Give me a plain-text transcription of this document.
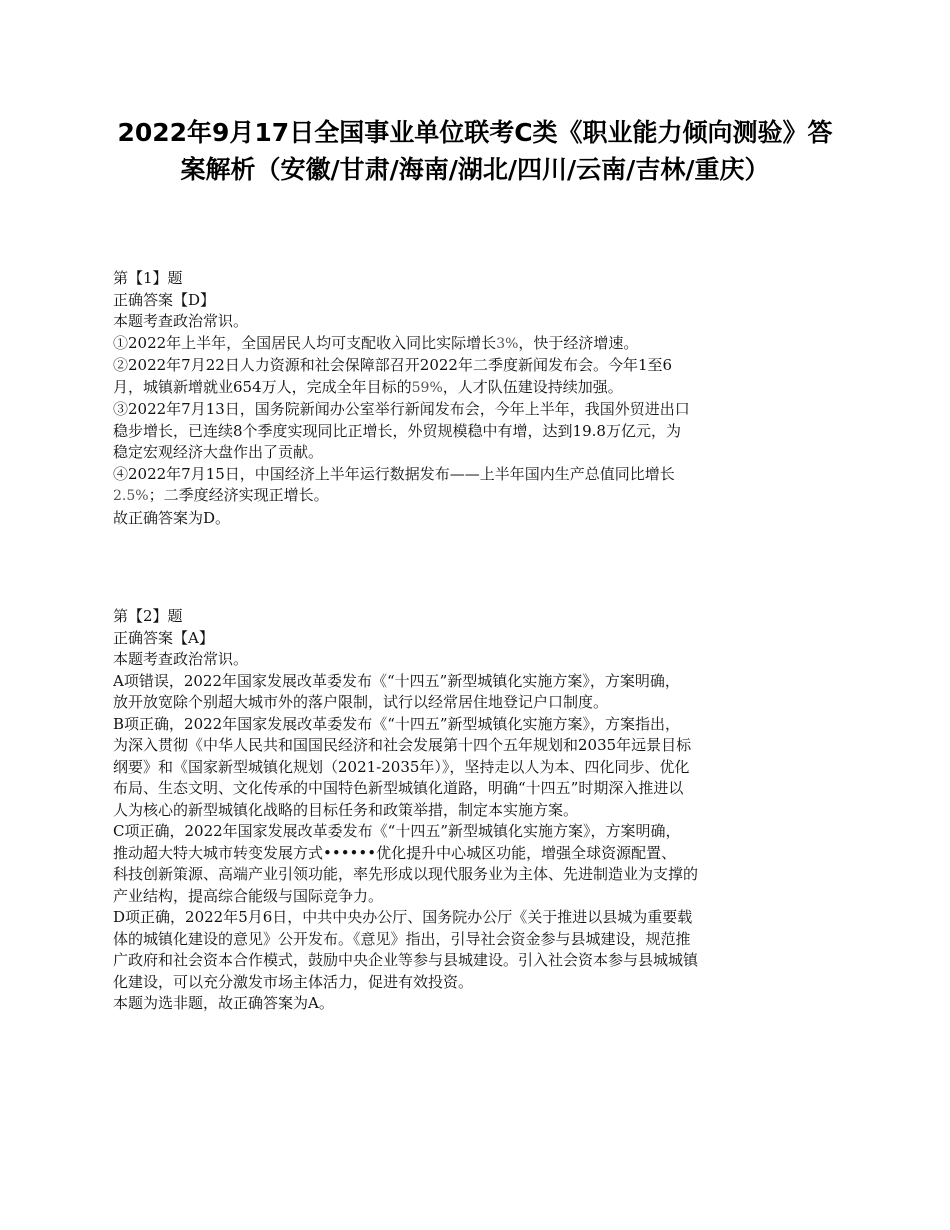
2022年9月17日全国事业单位联考C类《职业能力倾向测验》答案解析（安徽/甘肃/海南/湖北/四川/云南/吉林/重庆）
第【1】题
正确答案【D】
本题考查政治常识。
①2022年上半年，全国居民人均可支配收入同比实际增长3%，快于经济增速。
②2022年7月22日人力资源和社会保障部召开2022年二季度新闻发布会。今年1至6
月，城镇新增就业654万人，完成全年目标的59%，人才队伍建设持续加强。
③2022年7月13日，国务院新闻办公室举行新闻发布会，今年上半年，我国外贸进出口
稳步增长，已连续8个季度实现同比正增长，外贸规模稳中有增，达到19.8万亿元，为
稳定宏观经济大盘作出了贡献。
④2022年7月15日，中国经济上半年运行数据发布——上半年国内生产总值同比增长
2.5%；二季度经济实现正增长。
故正确答案为D。
第【2】题
正确答案【A】
本题考查政治常识。
A项错误，2022年国家发展改革委发布《“十四五”新型城镇化实施方案》，方案明确，
放开放宽除个别超大城市外的落户限制，试行以经常居住地登记户口制度。
B项正确，2022年国家发展改革委发布《“十四五”新型城镇化实施方案》，方案指出，
为深入贯彻《中华人民共和国国民经济和社会发展第十四个五年规划和2035年远景目标
纲要》和《国家新型城镇化规划（2021-2035年）》，坚持走以人为本、四化同步、优化
布局、生态文明、文化传承的中国特色新型城镇化道路，明确“十四五”时期深入推进以
人为核心的新型城镇化战略的目标任务和政策举措，制定本实施方案。
C项正确，2022年国家发展改革委发布《“十四五”新型城镇化实施方案》，方案明确，
推动超大特大城市转变发展方式••••••优化提升中心城区功能，增强全球资源配置、
科技创新策源、高端产业引领功能，率先形成以现代服务业为主体、先进制造业为支撑的
产业结构，提高综合能级与国际竞争力。
D项正确，2022年5月6日，中共中央办公厅、国务院办公厅《关于推进以县城为重要载
体的城镇化建设的意见》公开发布。《意见》指出，引导社会资金参与县城建设，规范推
广政府和社会资本合作模式，鼓励中央企业等参与县城建设。引入社会资本参与县城城镇
化建设，可以充分激发市场主体活力，促进有效投资。
本题为选非题，故正确答案为A。
